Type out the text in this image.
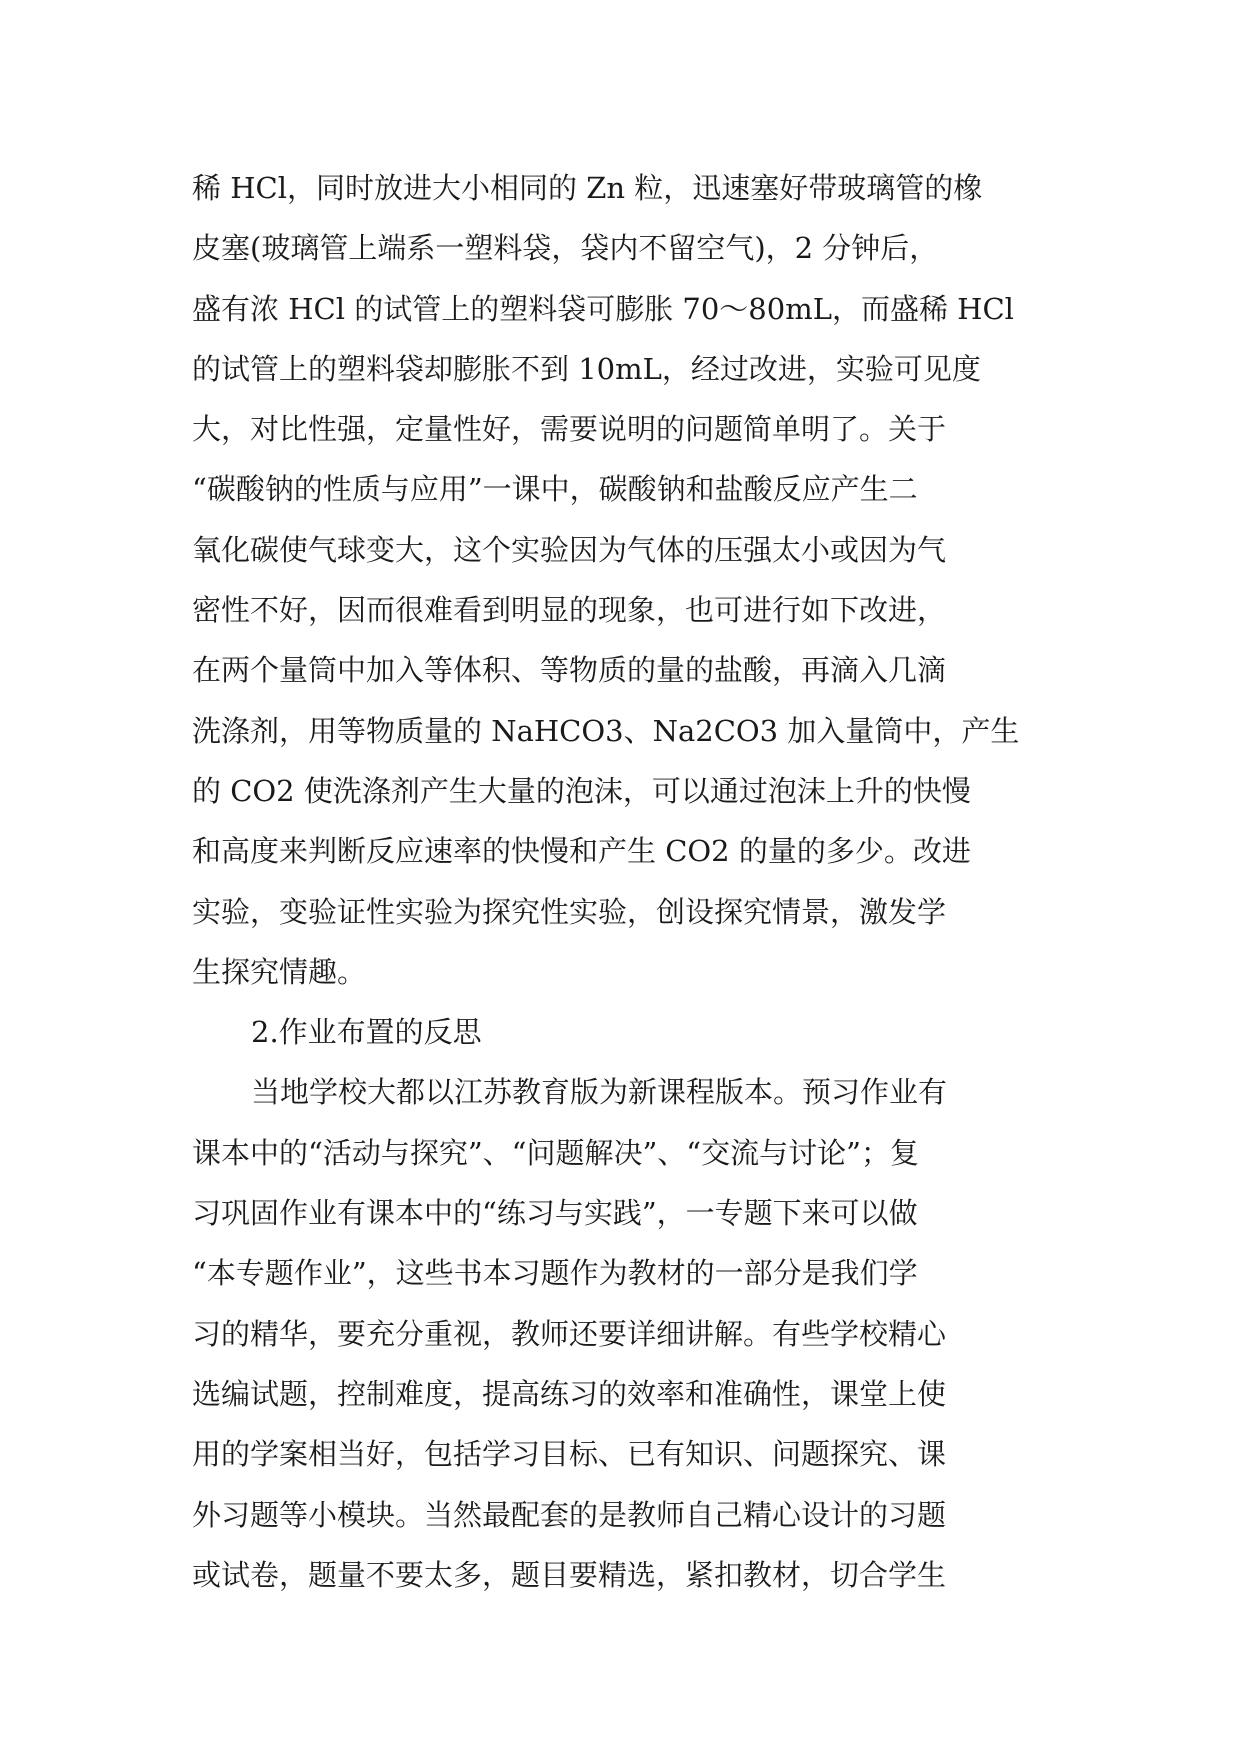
稀 HCl，同时放进大小相同的 Zn 粒，迅速塞好带玻璃管的橡
皮塞(玻璃管上端系一塑料袋，袋内不留空气)，2 分钟后，
盛有浓 HCl 的试管上的塑料袋可膨胀 70～80mL，而盛稀 HCl
的试管上的塑料袋却膨胀不到 10mL，经过改进，实验可见度
大，对比性强，定量性好，需要说明的问题简单明了。关于
“碳酸钠的性质与应用”一课中，碳酸钠和盐酸反应产生二
氧化碳使气球变大，这个实验因为气体的压强太小或因为气
密性不好，因而很难看到明显的现象，也可进行如下改进，
在两个量筒中加入等体积、等物质的量的盐酸，再滴入几滴
洗涤剂，用等物质量的 NaHCO3、Na2CO3 加入量筒中，产生
的 CO2 使洗涤剂产生大量的泡沫，可以通过泡沫上升的快慢
和高度来判断反应速率的快慢和产生 CO2 的量的多少。改进
实验，变验证性实验为探究性实验，创设探究情景，激发学
生探究情趣。
2.作业布置的反思
当地学校大都以江苏教育版为新课程版本。预习作业有
课本中的“活动与探究”、“问题解决”、“交流与讨论”；复
习巩固作业有课本中的“练习与实践”，一专题下来可以做
“本专题作业”，这些书本习题作为教材的一部分是我们学
习的精华，要充分重视，教师还要详细讲解。有些学校精心
选编试题，控制难度，提高练习的效率和准确性，课堂上使
用的学案相当好，包括学习目标、已有知识、问题探究、课
外习题等小模块。当然最配套的是教师自己精心设计的习题
或试卷，题量不要太多，题目要精选，紧扣教材，切合学生
